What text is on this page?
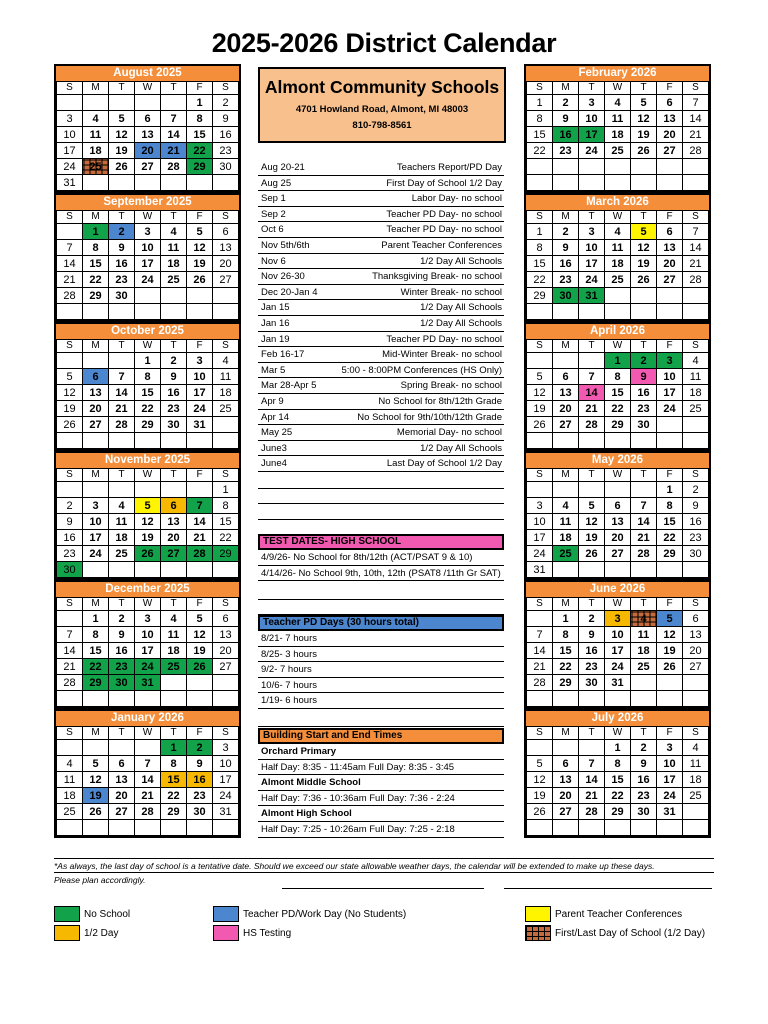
2025-2026 District Calendar
August 2025
S	M	T	W	T	F	S
					1	2
3	4	5	6	7	8	9
10	11	12	13	14	15	16
17	18	19	20	21	22	23
24	25	26	27	28	29	30
31						
September 2025
S	M	T	W	T	F	S
	1	2	3	4	5	6
7	8	9	10	11	12	13
14	15	16	17	18	19	20
21	22	23	24	25	26	27
28	29	30				

October 2025
S	M	T	W	T	F	S
			1	2	3	4
5	6	7	8	9	10	11
12	13	14	15	16	17	18
19	20	21	22	23	24	25
26	27	28	29	30	31	

November 2025
S	M	T	W	T	F	S
						1
2	3	4	5	6	7	8
9	10	11	12	13	14	15
16	17	18	19	20	21	22
23	24	25	26	27	28	29
30						
December 2025
S	M	T	W	T	F	S
	1	2	3	4	5	6
7	8	9	10	11	12	13
14	15	16	17	18	19	20
21	22	23	24	25	26	27
28	29	30	31			

January 2026
S	M	T	W	T	F	S
				1	2	3
4	5	6	7	8	9	10
11	12	13	14	15	16	17
18	19	20	21	22	23	24
25	26	27	28	29	30	31

February 2026
S	M	T	W	T	F	S
1	2	3	4	5	6	7
8	9	10	11	12	13	14
15	16	17	18	19	20	21
22	23	24	25	26	27	28

March 2026
S	M	T	W	T	F	S
1	2	3	4	5	6	7
8	9	10	11	12	13	14
15	16	17	18	19	20	21
22	23	24	25	26	27	28
29	30	31				

April 2026
S	M	T	W	T	F	S
			1	2	3	4
5	6	7	8	9	10	11
12	13	14	15	16	17	18
19	20	21	22	23	24	25
26	27	28	29	30		

May 2026
S	M	T	W	T	F	S
					1	2
3	4	5	6	7	8	9
10	11	12	13	14	15	16
17	18	19	20	21	22	23
24	25	26	27	28	29	30
31						
June 2026
S	M	T	W	T	F	S
	1	2	3	4	5	6
7	8	9	10	11	12	13
14	15	16	17	18	19	20
21	22	23	24	25	26	27
28	29	30	31			

July 2026
S	M	T	W	T	F	S
			1	2	3	4
5	6	7	8	9	10	11
12	13	14	15	16	17	18
19	20	21	22	23	24	25
26	27	28	29	30	31	

Almont Community Schools
4701 Howland Road, Almont, MI 48003
810-798-8561
Aug 20-21	Teachers Report/PD Day
Aug 25	First Day of School 1/2 Day
Sep 1	Labor Day- no school
Sep 2	Teacher PD Day- no school
Oct 6	Teacher PD Day- no school
Nov 5th/6th	Parent Teacher Conferences
Nov 6	1/2 Day All Schools
Nov 26-30	Thanksgiving Break- no school
Dec 20-Jan 4	Winter Break- no school
Jan 15	1/2 Day All Schools
Jan 16	1/2 Day All Schools
Jan 19	Teacher PD Day- no school
Feb 16-17	Mid-Winter Break- no school
Mar 5	5:00 - 8:00PM Conferences (HS Only)
Mar 28-Apr 5	Spring Break- no school
Apr 9	No School for 8th/12th Grade
Apr 14	No School for 9th/10th/12th Grade
May 25	Memorial Day- no school
June3	1/2 Day All Schools
June4	Last Day of School 1/2 Day
TEST DATES- HIGH SCHOOL
4/9/26- No School for 8th/12th (ACT/PSAT 9 & 10)
4/14/26- No School 9th, 10th, 12th (PSAT8 /11th Gr SAT)
Teacher PD Days (30 hours total)
8/21- 7 hours
8/25- 3 hours
9/2- 7 hours
10/6- 7 hours
1/19- 6 hours
Building Start and End Times
Orchard Primary
Half Day: 8:35 - 11:45am Full Day: 8:35 - 3:45
Almont Middle School
Half Day: 7:36 - 10:36am Full Day: 7:36 - 2:24
Almont High School
Half Day: 7:25 - 10:26am Full Day: 7:25 - 2:18
*As always, the last day of school is a tentative date. Should we exceed our state allowable weather days, the calendar will be extended to make up these days.
Please plan accordingly.
No School
1/2 Day
Teacher PD/Work Day (No Students)
HS Testing
Parent Teacher Conferences
First/Last Day of School (1/2 Day)
